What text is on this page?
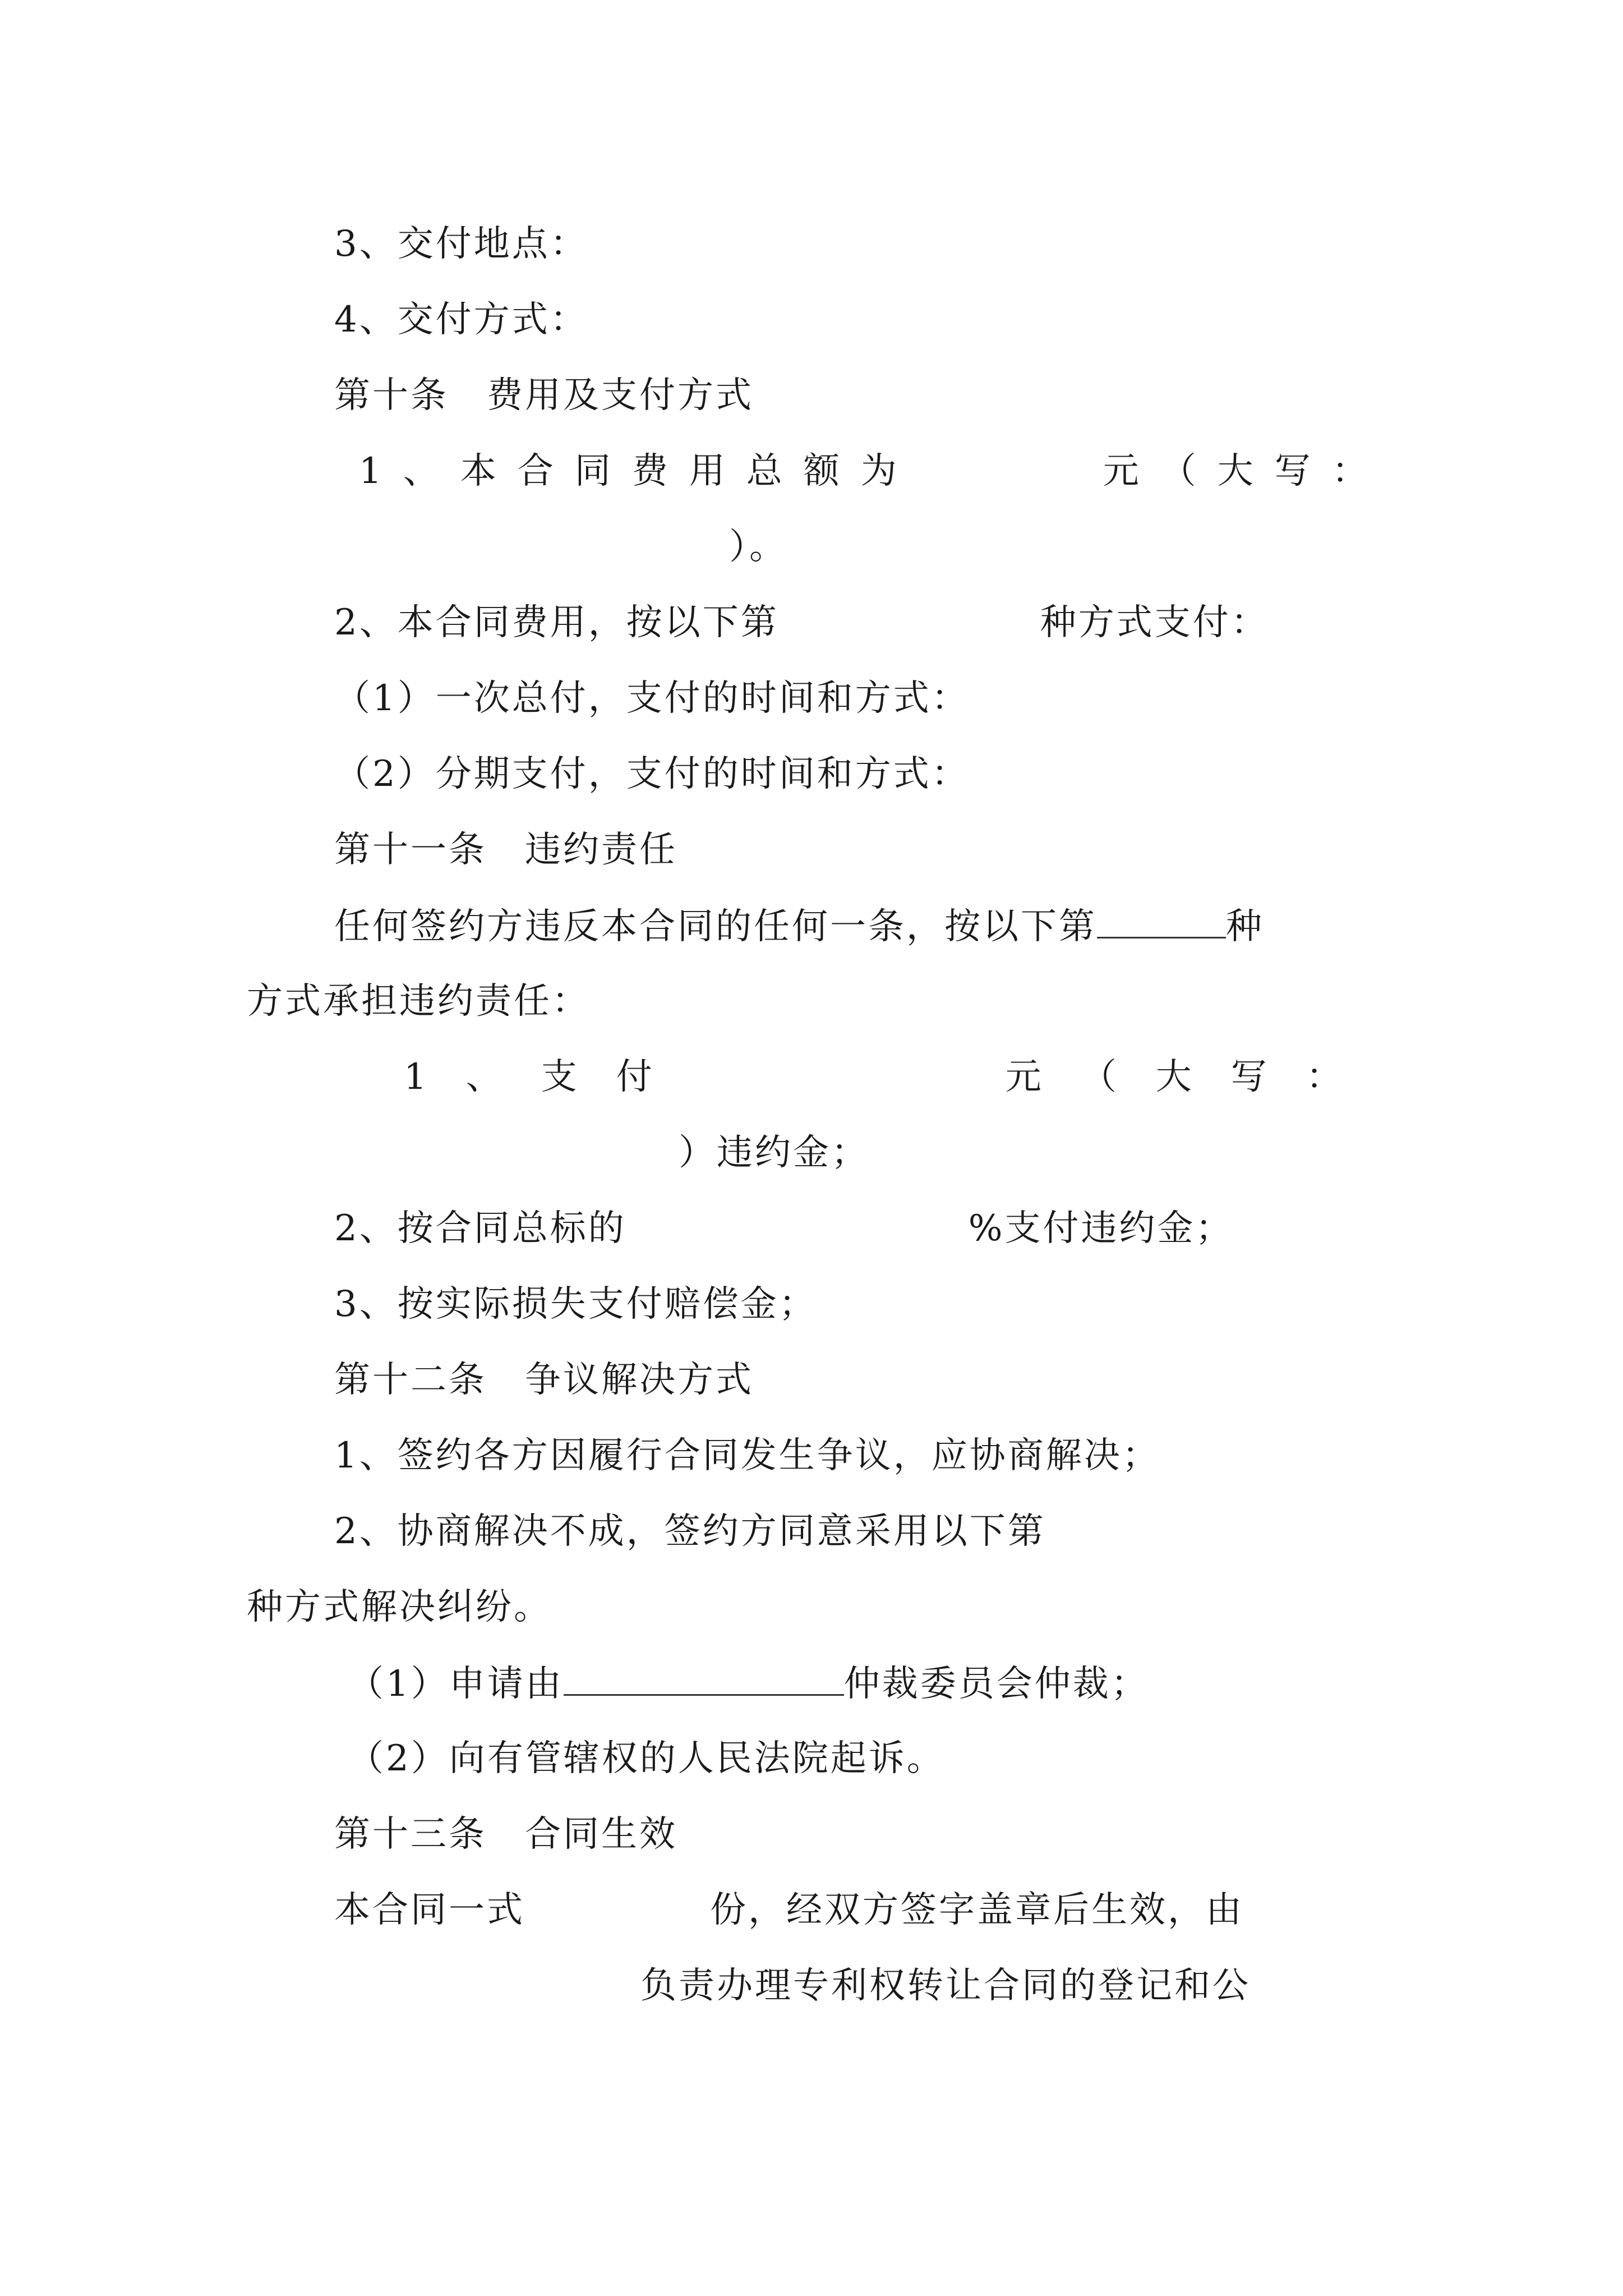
3、交付地点：
4、交付方式：
第十条　费用及支付方式
1、本合同费用总额为	元（大写：
）。
2、本合同费用，按以下第	种方式支付：
（1）一次总付，支付的时间和方式：
（2）分期支付，支付的时间和方式：
第十一条　违约责任
任何签约方违反本合同的任何一条，按以下第	种
方式承担违约责任：
1、支付	元（大写：
）违约金；
2、按合同总标的	%支付违约金；
3、按实际损失支付赔偿金；
第十二条　争议解决方式
1、签约各方因履行合同发生争议，应协商解决；
2、协商解决不成，签约方同意采用以下第
种方式解决纠纷。
（1）申请由	仲裁委员会仲裁；
（2）向有管辖权的人民法院起诉。
第十三条　合同生效
本合同一式	份，经双方签字盖章后生效，由
负责办理专利权转让合同的登记和公
